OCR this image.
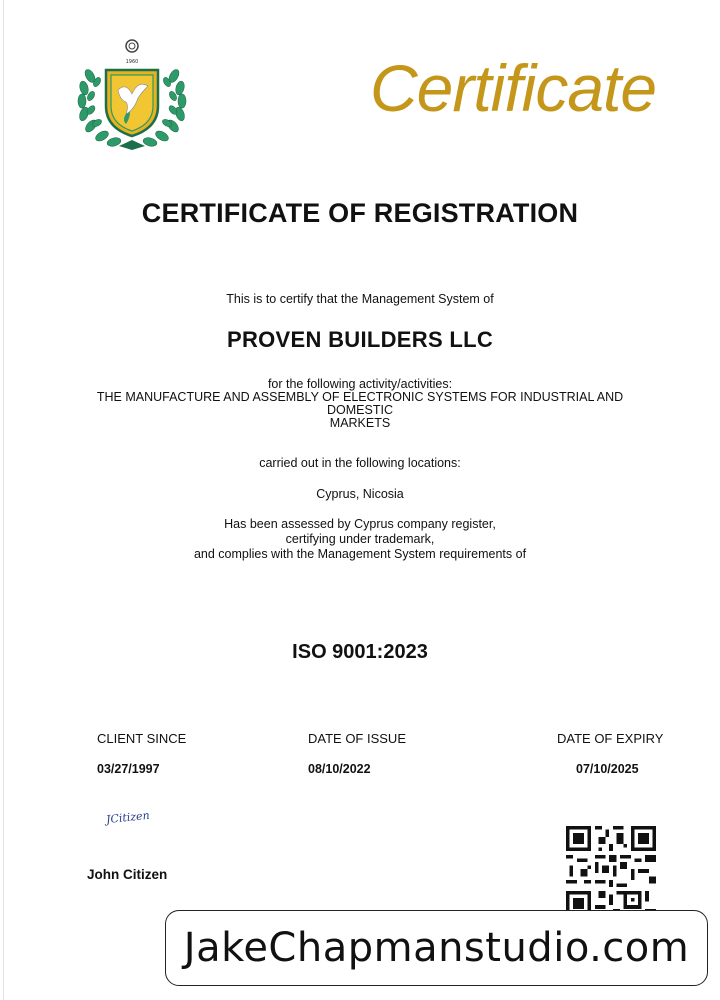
1960	Certificate
CERTIFICATE OF REGISTRATION
This is to certify that the Management System of
PROVEN BUILDERS LLC
for the following activity/activities:
THE MANUFACTURE AND ASSEMBLY OF ELECTRONIC SYSTEMS FOR INDUSTRIAL AND
DOMESTIC
MARKETS
carried out in the following locations:
Cyprus, Nicosia
Has been assessed by Cyprus company register,
certifying under trademark,
and complies with the Management System requirements of
ISO 9001:2023
CLIENT SINCE	DATE OF ISSUE	DATE OF EXPIRY
03/27/1997	08/10/2022	07/10/2025
JCitizen
John Citizen
JakeChapmanstudio.com
